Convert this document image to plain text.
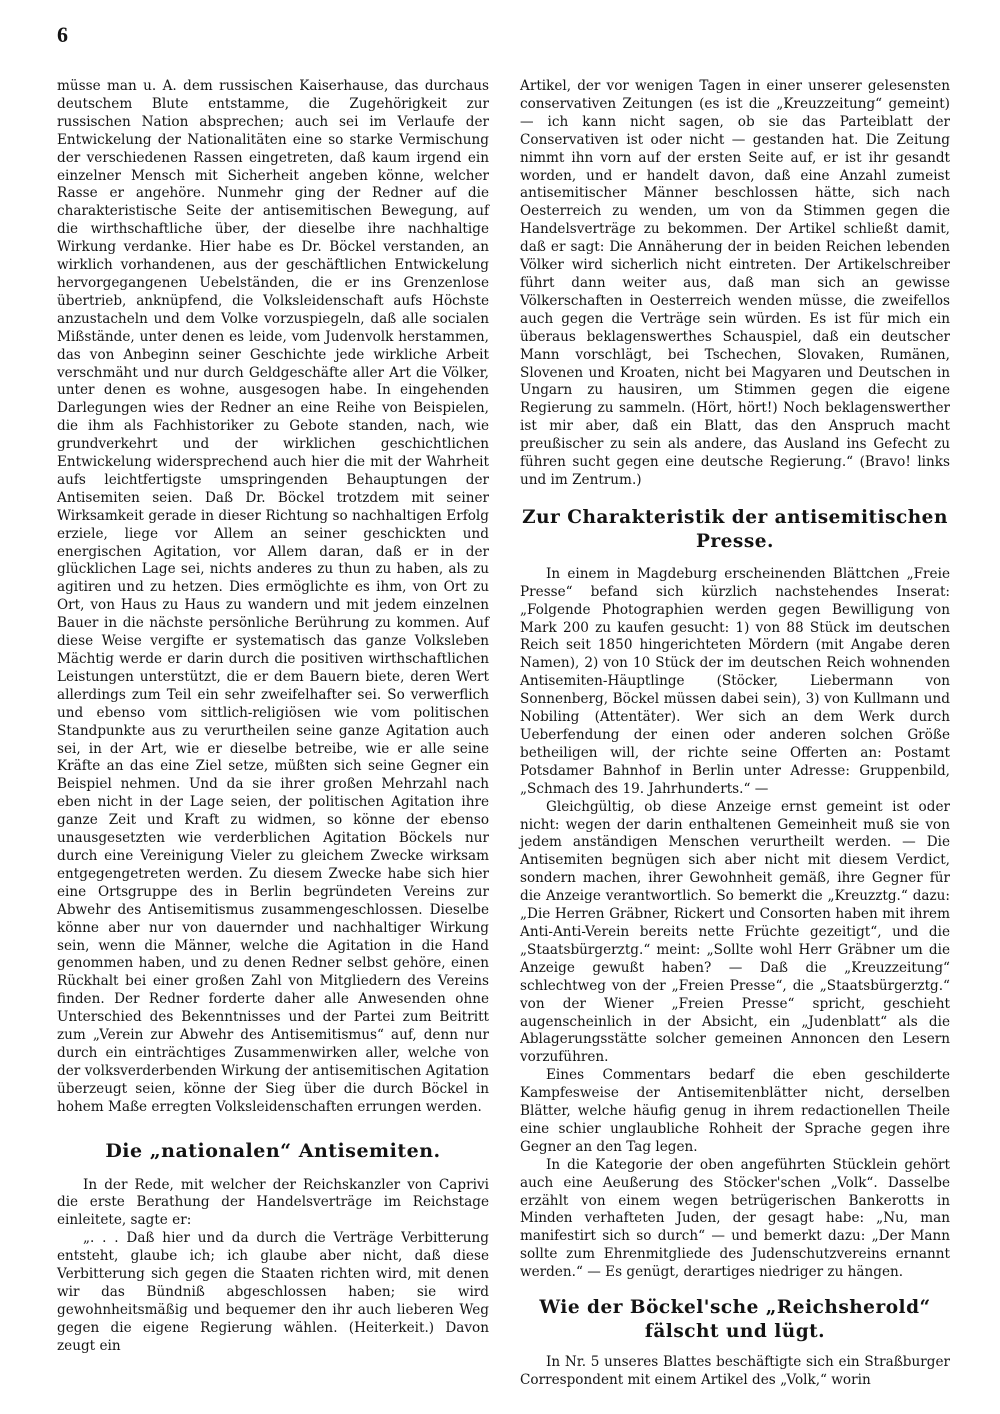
6

müsse man u. A. dem russischen Kaiserhause, das durchaus deutschem Blute entstamme, die Zugehörigkeit zur russischen Nation absprechen; auch sei im Verlaufe der Entwickelung der Nationalitäten eine so starke Vermischung der verschiedenen Rassen eingetreten, daß kaum irgend ein einzelner Mensch mit Sicherheit angeben könne, welcher Rasse er angehöre. Nunmehr ging der Redner auf die charakteristische Seite der antisemitischen Bewegung, auf die wirthschaftliche über, der dieselbe ihre nachhaltige Wirkung verdanke. Hier habe es Dr. Böckel verstanden, an wirklich vorhandenen, aus der geschäftlichen Entwickelung hervorgegangenen Uebelständen, die er ins Grenzenlose übertrieb, anknüpfend, die Volksleidenschaft aufs Höchste anzustacheln und dem Volke vorzuspiegeln, daß alle socialen Mißstände, unter denen es leide, vom Judenvolk herstammen, das von Anbeginn seiner Geschichte jede wirkliche Arbeit verschmäht und nur durch Geldgeschäfte aller Art die Völker, unter denen es wohne, ausgesogen habe. In eingehenden Darlegungen wies der Redner an eine Reihe von Beispielen, die ihm als Fachhistoriker zu Gebote standen, nach, wie grundverkehrt und der wirklichen geschichtlichen Entwickelung widersprechend auch hier die mit der Wahrheit aufs leichtfertigste umspringenden Behauptungen der Antisemiten seien. Daß Dr. Böckel trotzdem mit seiner Wirksamkeit gerade in dieser Richtung so nachhaltigen Erfolg erziele, liege vor Allem an seiner geschickten und energischen Agitation, vor Allem daran, daß er in der glücklichen Lage sei, nichts anderes zu thun zu haben, als zu agitiren und zu hetzen. Dies ermöglichte es ihm, von Ort zu Ort, von Haus zu Haus zu wandern und mit jedem einzelnen Bauer in die nächste persönliche Berührung zu kommen. Auf diese Weise vergifte er systematisch das ganze Volksleben Mächtig werde er darin durch die positiven wirthschaftlichen Leistungen unterstützt, die er dem Bauern biete, deren Wert allerdings zum Teil ein sehr zweifelhafter sei. So verwerflich und ebenso vom sittlich-religiösen wie vom politischen Standpunkte aus zu verurtheilen seine ganze Agitation auch sei, in der Art, wie er dieselbe betreibe, wie er alle seine Kräfte an das eine Ziel setze, müßten sich seine Gegner ein Beispiel nehmen. Und da sie ihrer großen Mehrzahl nach eben nicht in der Lage seien, der politischen Agitation ihre ganze Zeit und Kraft zu widmen, so könne der ebenso unausgesetzten wie verderblichen Agitation Böckels nur durch eine Vereinigung Vieler zu gleichem Zwecke wirksam entgegengetreten werden. Zu diesem Zwecke habe sich hier eine Ortsgruppe des in Berlin begründeten Vereins zur Abwehr des Antisemitismus zusammengeschlossen. Dieselbe könne aber nur von dauernder und nachhaltiger Wirkung sein, wenn die Männer, welche die Agitation in die Hand genommen haben, und zu denen Redner selbst gehöre, einen Rückhalt bei einer großen Zahl von Mitgliedern des Vereins finden. Der Redner forderte daher alle Anwesenden ohne Unterschied des Bekenntnisses und der Partei zum Beitritt zum „Verein zur Abwehr des Antisemitismus“ auf, denn nur durch ein einträchtiges Zusammenwirken aller, welche von der volksverderbenden Wirkung der antisemitischen Agitation überzeugt seien, könne der Sieg über die durch Böckel in hohem Maße erregten Volksleidenschaften errungen werden.

Die „nationalen“ Antisemiten.

In der Rede, mit welcher der Reichskanzler von Caprivi die erste Berathung der Handelsverträge im Reichstage einleitete, sagte er:

„. . . Daß hier und da durch die Verträge Verbitterung entsteht, glaube ich; ich glaube aber nicht, daß diese Verbitterung sich gegen die Staaten richten wird, mit denen wir das Bündniß abgeschlossen haben; sie wird gewohnheitsmäßig und bequemer den ihr auch lieberen Weg gegen die eigene Regierung wählen. (Heiterkeit.) Davon zeugt ein

Artikel, der vor wenigen Tagen in einer unserer gelesensten conservativen Zeitungen (es ist die „Kreuzzeitung“ gemeint) — ich kann nicht sagen, ob sie das Parteiblatt der Conservativen ist oder nicht — gestanden hat. Die Zeitung nimmt ihn vorn auf der ersten Seite auf, er ist ihr gesandt worden, und er handelt davon, daß eine Anzahl zumeist antisemitischer Männer beschlossen hätte, sich nach Oesterreich zu wenden, um von da Stimmen gegen die Handelsverträge zu bekommen. Der Artikel schließt damit, daß er sagt: Die Annäherung der in beiden Reichen lebenden Völker wird sicherlich nicht eintreten. Der Artikelschreiber führt dann weiter aus, daß man sich an gewisse Völkerschaften in Oesterreich wenden müsse, die zweifellos auch gegen die Verträge sein würden. Es ist für mich ein überaus beklagenswerthes Schauspiel, daß ein deutscher Mann vorschlägt, bei Tschechen, Slovaken, Rumänen, Slovenen und Kroaten, nicht bei Magyaren und Deutschen in Ungarn zu hausiren, um Stimmen gegen die eigene Regierung zu sammeln. (Hört, hört!) Noch beklagenswerther ist mir aber, daß ein Blatt, das den Anspruch macht preußischer zu sein als andere, das Ausland ins Gefecht zu führen sucht gegen eine deutsche Regierung.“ (Bravo! links und im Zentrum.)

Zur Charakteristik der antisemitischen Presse.

In einem in Magdeburg erscheinenden Blättchen „Freie Presse“ befand sich kürzlich nachstehendes Inserat: „Folgende Photographien werden gegen Bewilligung von Mark 200 zu kaufen gesucht: 1) von 88 Stück im deutschen Reich seit 1850 hingerichteten Mördern (mit Angabe deren Namen), 2) von 10 Stück der im deutschen Reich wohnenden Antisemiten-Häuptlinge (Stöcker, Liebermann von Sonnenberg, Böckel müssen dabei sein), 3) von Kullmann und Nobiling (Attentäter). Wer sich an dem Werk durch Ueberfendung der einen oder anderen solchen Größe betheiligen will, der richte seine Offerten an: Postamt Potsdamer Bahnhof in Berlin unter Adresse: Gruppenbild, „Schmach des 19. Jahrhunderts.“ —

Gleichgültig, ob diese Anzeige ernst gemeint ist oder nicht: wegen der darin enthaltenen Gemeinheit muß sie von jedem anständigen Menschen verurtheilt werden. — Die Antisemiten begnügen sich aber nicht mit diesem Verdict, sondern machen, ihrer Gewohnheit gemäß, ihre Gegner für die Anzeige verantwortlich. So bemerkt die „Kreuzztg.“ dazu: „Die Herren Gräbner, Rickert und Consorten haben mit ihrem Anti-Anti-Verein bereits nette Früchte gezeitigt“, und die „Staatsbürgerztg.“ meint: „Sollte wohl Herr Gräbner um die Anzeige gewußt haben? — Daß die „Kreuzzeitung“ schlechtweg von der „Freien Presse“, die „Staatsbürgerztg.“ von der Wiener „Freien Presse“ spricht, geschieht augenscheinlich in der Absicht, ein „Judenblatt“ als die Ablagerungsstätte solcher gemeinen Annoncen den Lesern vorzuführen.

Eines Commentars bedarf die eben geschilderte Kampfesweise der Antisemitenblätter nicht, derselben Blätter, welche häufig genug in ihrem redactionellen Theile eine schier unglaubliche Rohheit der Sprache gegen ihre Gegner an den Tag legen.

In die Kategorie der oben angeführten Stücklein gehört auch eine Aeußerung des Stöcker'schen „Volk“. Dasselbe erzählt von einem wegen betrügerischen Bankerotts in Minden verhafteten Juden, der gesagt habe: „Nu, man manifestirt sich so durch“ — und bemerkt dazu: „Der Mann sollte zum Ehrenmitgliede des Judenschutzvereins ernannt werden.“ — Es genügt, derartiges niedriger zu hängen.

Wie der Böckel'sche „Reichsherold“ fälscht und lügt.

In Nr. 5 unseres Blattes beschäftigte sich ein Straßburger Correspondent mit einem Artikel des „Volk,“ worin
